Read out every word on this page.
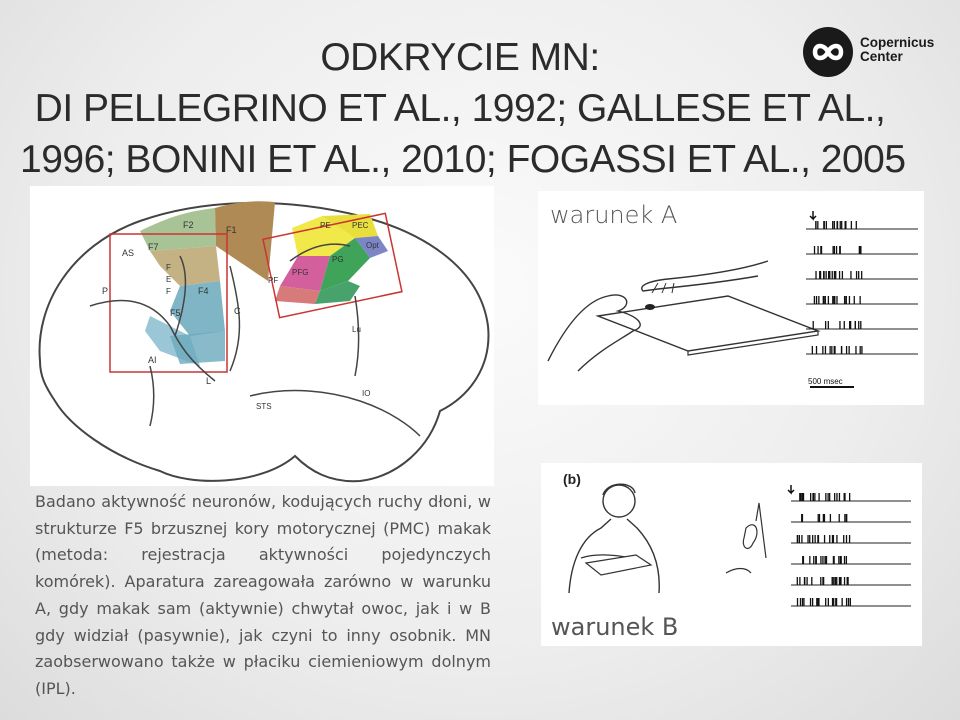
ODKRYCIE MN:
DI PELLEGRINO ET AL., 1992; GALLESE ET AL.,
1996; BONINI ET AL., 2010; FOGASSI ET AL., 2005
Copernicus
Center
F2	F1
F7
AS
F
E
F	F4
F5
P
AI
C
L
PE	PEC
Opt
PF
PFG
PG
Lu
IO
STS
warunek A
500 msec
(b)
warunek B
Badano aktywność neuronów, kodujących ruchy dłoni, w strukturze F5 brzusznej kory motorycznej (PMC) makak (metoda: rejestracja aktywności pojedynczych komórek). Aparatura zareagowała zarówno w warunku A, gdy makak sam (aktywnie) chwytał owoc, jak i w B gdy widział (pasywnie), jak czyni to inny osobnik. MN zaobserwowano także w płaciku ciemieniowym dolnym (IPL).
